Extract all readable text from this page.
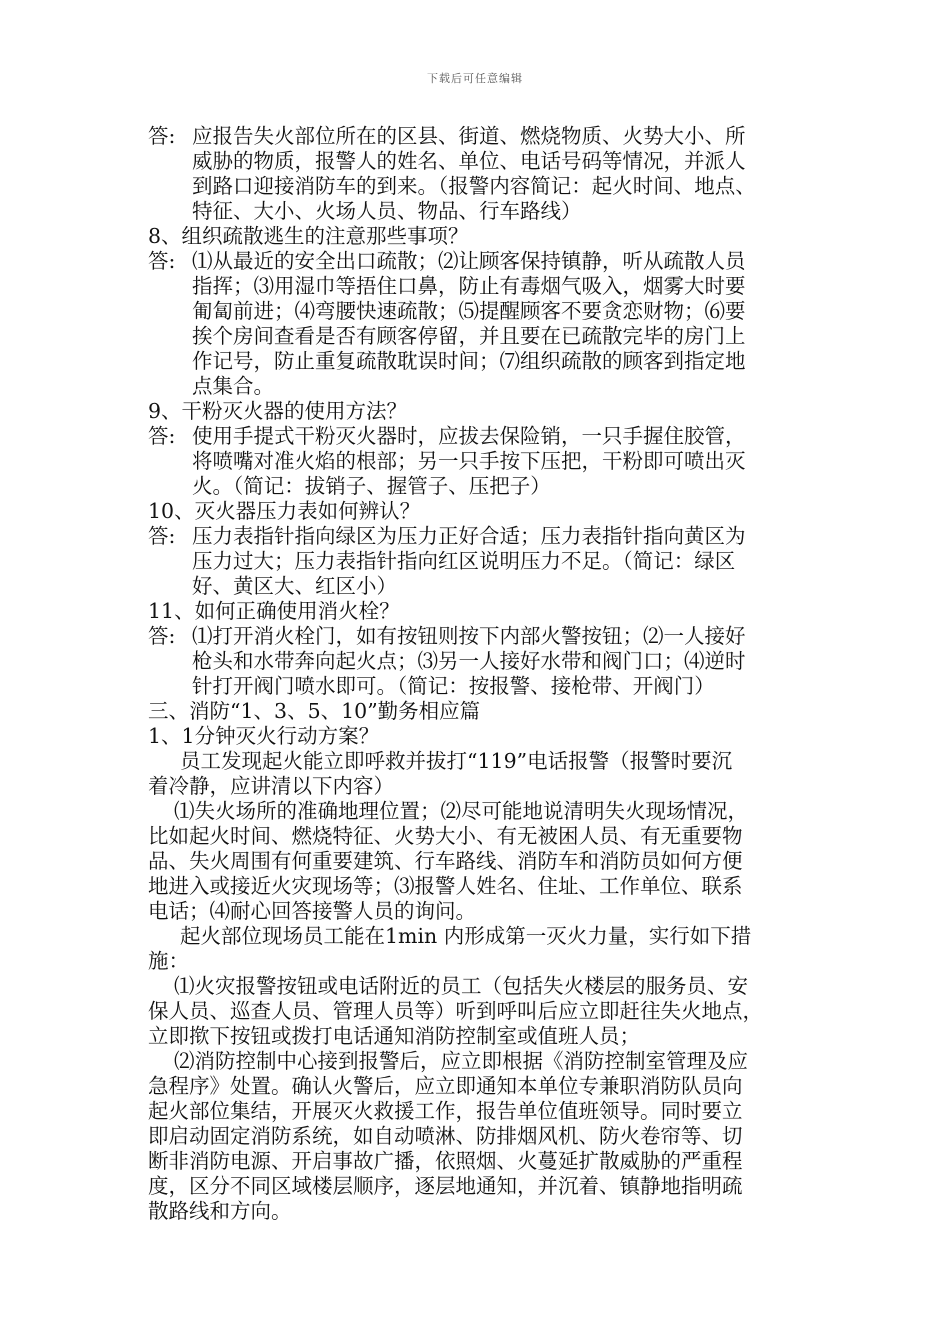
下载后可任意编辑
答: 应报告失火部位所在的区县、街道、燃烧物质、火势大小、所
威胁的物质，报警人的姓名、单位、电话号码等情况，并派人
到路口迎接消防车的到来。（报警内容简记：起火时间、地点、
特征、大小、火场人员、物品、行车路线）
8、组织疏散逃生的注意那些事项？
答: ⑴从最近的安全出口疏散；⑵让顾客保持镇静，听从疏散人员
指挥；⑶用湿巾等捂住口鼻，防止有毒烟气吸入，烟雾大时要
匍匐前进；⑷弯腰快速疏散；⑸提醒顾客不要贪恋财物；⑹要
挨个房间查看是否有顾客停留，并且要在已疏散完毕的房门上
作记号，防止重复疏散耽误时间；⑺组织疏散的顾客到指定地
点集合。
9、干粉灭火器的使用方法？
答: 使用手提式干粉灭火器时，应拔去保险销，一只手握住胶管，
将喷嘴对准火焰的根部；另一只手按下压把，干粉即可喷出灭
火。（简记：拔销子、握管子、压把子）
10、灭火器压力表如何辨认？
答: 压力表指针指向绿区为压力正好合适；压力表指针指向黄区为
压力过大；压力表指针指向红区说明压力不足。（简记：绿区
好、黄区大、红区小）
11、如何正确使用消火栓？
答: ⑴打开消火栓门，如有按钮则按下内部火警按钮；⑵一人接好
枪头和水带奔向起火点；⑶另一人接好水带和阀门口；⑷逆时
针打开阀门喷水即可。（简记：按报警、接枪带、开阀门）
三、消防“1、3、5、10”勤务相应篇
1、1分钟灭火行动方案？
员工发现起火能立即呼救并拔打“119”电话报警（报警时要沉
着冷静，应讲清以下内容）
⑴失火场所的准确地理位置；⑵尽可能地说清明失火现场情况，
比如起火时间、燃烧特征、火势大小、有无被困人员、有无重要物
品、失火周围有何重要建筑、行车路线、消防车和消防员如何方便
地进入或接近火灾现场等；⑶报警人姓名、住址、工作单位、联系
电话；⑷耐心回答接警人员的询问。
起火部位现场员工能在1min 内形成第一灭火力量，实行如下措
施：
⑴火灾报警按钮或电话附近的员工（包括失火楼层的服务员、安
保人员、巡查人员、管理人员等）听到呼叫后应立即赶往失火地点，
立即揿下按钮或拨打电话通知消防控制室或值班人员；
⑵消防控制中心接到报警后，应立即根据《消防控制室管理及应
急程序》处置。确认火警后，应立即通知本单位专兼职消防队员向
起火部位集结，开展灭火救援工作，报告单位值班领导。同时要立
即启动固定消防系统，如自动喷淋、防排烟风机、防火卷帘等、切
断非消防电源、开启事故广播，依照烟、火蔓延扩散威胁的严重程
度，区分不同区域楼层顺序，逐层地通知，并沉着、镇静地指明疏
散路线和方向。
